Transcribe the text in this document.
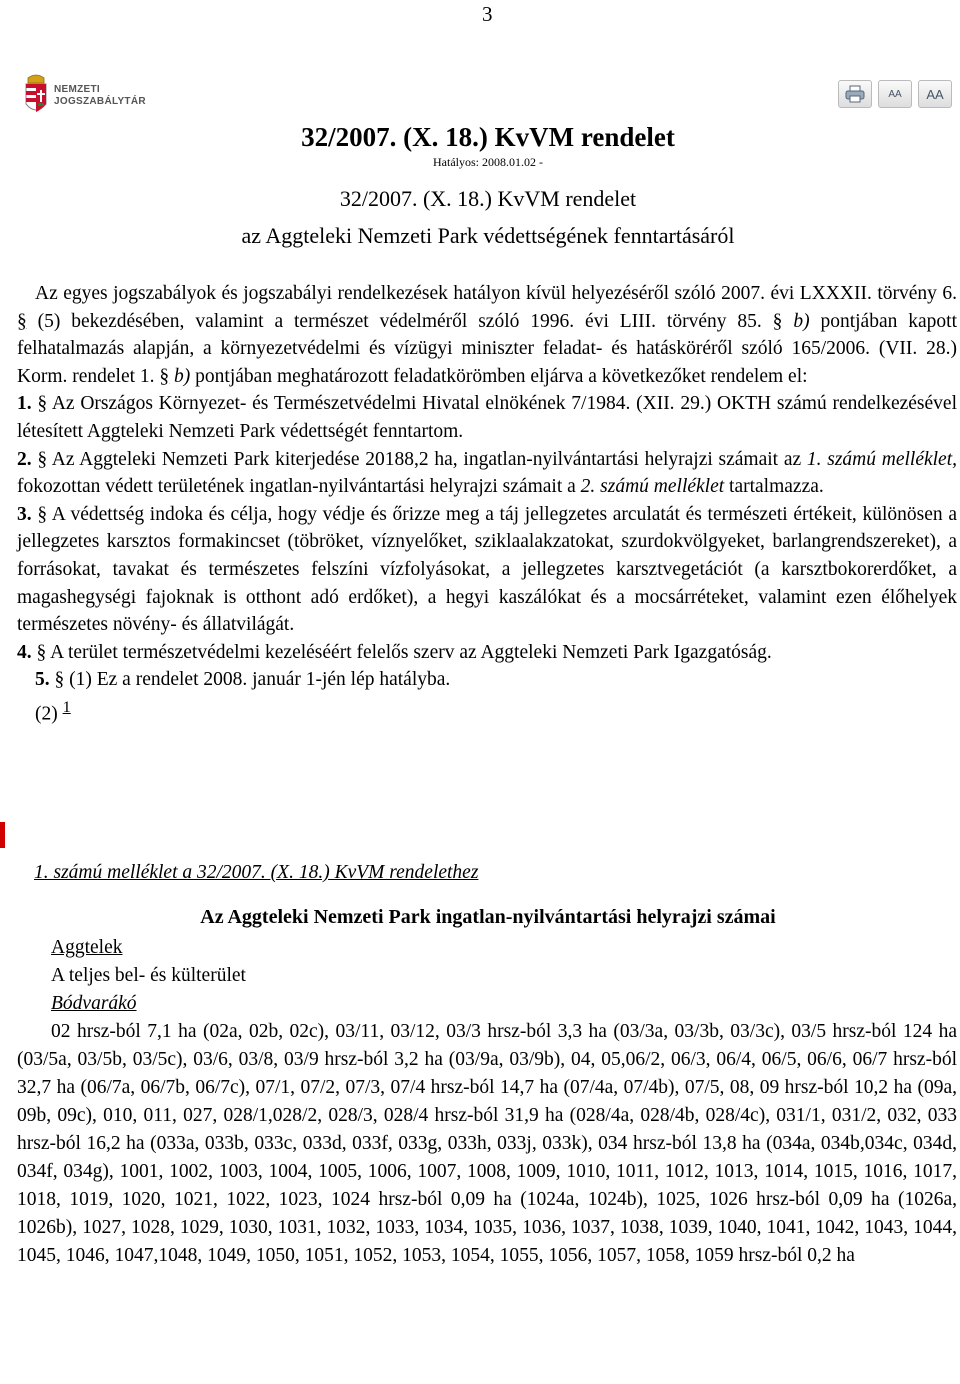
3
NEMZETI
JOGSZABÁLYTÁR
AA AA
32/2007. (X. 18.) KvVM rendelet
Hatályos: 2008.01.02 -
32/2007. (X. 18.) KvVM rendelet
az Aggteleki Nemzeti Park védettségének fenntartásáról

Az egyes jogszabályok és jogszabályi rendelkezések hatályon kívül helyezéséről szóló 2007. évi LXXXII. törvény 6. § (5) bekezdésében, valamint a természet védelméről szóló 1996. évi LIII. törvény 85. § b) pontjában kapott felhatalmazás alapján, a környezetvédelmi és vízügyi miniszter feladat- és hatásköréről szóló 165/2006. (VII. 28.) Korm. rendelet 1. § b) pontjában meghatározott feladatkörömben eljárva a következőket rendelem el:

1. § Az Országos Környezet- és Természetvédelmi Hivatal elnökének 7/1984. (XII. 29.) OKTH számú rendelkezésével létesített Aggteleki Nemzeti Park védettségét fenntartom.

2. § Az Aggteleki Nemzeti Park kiterjedése 20188,2 ha, ingatlan-nyilvántartási helyrajzi számait az 1. számú melléklet, fokozottan védett területének ingatlan-nyilvántartási helyrajzi számait a 2. számú melléklet tartalmazza.

3. § A védettség indoka és célja, hogy védje és őrizze meg a táj jellegzetes arculatát és természeti értékeit, különösen a jellegzetes karsztos formakincset (töbröket, víznyelőket, sziklaalakzatokat, szurdokvölgyeket, barlangrendszereket), a forrásokat, tavakat és természetes felszíni vízfolyásokat, a jellegzetes karsztvegetációt (a karsztbokorerdőket, a magashegységi fajoknak is otthont adó erdőket), a hegyi kaszálókat és a mocsárréteket, valamint ezen élőhelyek természetes növény- és állatvilágát.

4. § A terület természetvédelmi kezeléséért felelős szerv az Aggteleki Nemzeti Park Igazgatóság.

5. § (1) Ez a rendelet 2008. január 1-jén lép hatályba.

(2) $^1$

1. számú melléklet a 32/2007. (X. 18.) KvVM rendelethez
Az Aggteleki Nemzeti Park ingatlan-nyilvántartási helyrajzi számai

Aggtelek

A teljes bel- és külterület

Bódvarákó

02 hrsz-ból 7,1 ha (02a, 02b, 02c), 03/11, 03/12, 03/3 hrsz-ból 3,3 ha (03/3a, 03/3b, 03/3c), 03/5 hrsz-ból 124 ha (03/5a, 03/5b, 03/5c), 03/6, 03/8, 03/9 hrsz-ból 3,2 ha (03/9a, 03/9b), 04, 05,06/2, 06/3, 06/4, 06/5, 06/6, 06/7 hrsz-ból 32,7 ha (06/7a, 06/7b, 06/7c), 07/1, 07/2, 07/3, 07/4 hrsz-ból 14,7 ha (07/4a, 07/4b), 07/5, 08, 09 hrsz-ból 10,2 ha (09a, 09b, 09c), 010, 011, 027, 028/1,028/2, 028/3, 028/4 hrsz-ból 31,9 ha (028/4a, 028/4b, 028/4c), 031/1, 031/2, 032, 033 hrsz-ból 16,2 ha (033a, 033b, 033c, 033d, 033f, 033g, 033h, 033j, 033k), 034 hrsz-ból 13,8 ha (034a, 034b,034c, 034d, 034f, 034g), 1001, 1002, 1003, 1004, 1005, 1006, 1007, 1008, 1009, 1010, 1011, 1012, 1013, 1014, 1015, 1016, 1017, 1018, 1019, 1020, 1021, 1022, 1023, 1024 hrsz-ból 0,09 ha (1024a, 1024b), 1025, 1026 hrsz-ból 0,09 ha (1026a, 1026b), 1027, 1028, 1029, 1030, 1031, 1032, 1033, 1034, 1035, 1036, 1037, 1038, 1039, 1040, 1041, 1042, 1043, 1044, 1045, 1046, 1047,1048, 1049, 1050, 1051, 1052, 1053, 1054, 1055, 1056, 1057, 1058, 1059 hrsz-ból 0,2 ha
